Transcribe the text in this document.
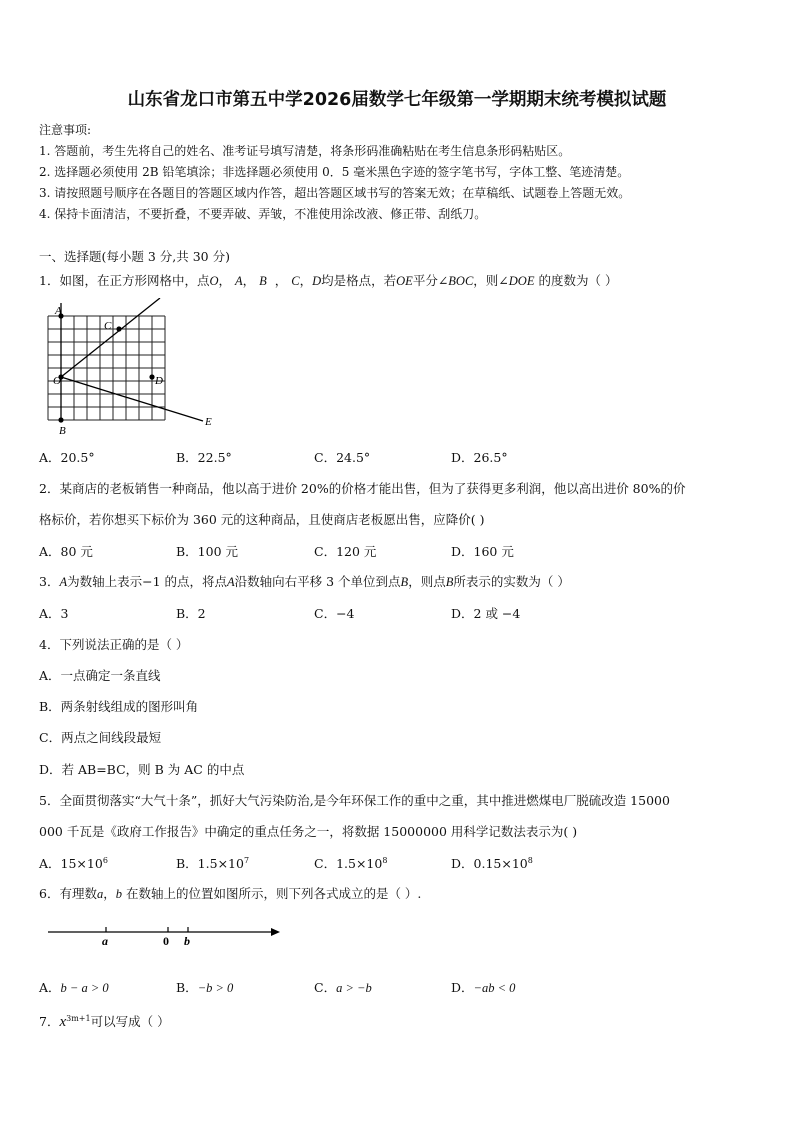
山东省龙口市第五中学2026届数学七年级第一学期期末统考模拟试题
注意事项:
1. 答题前，考生先将自己的姓名、准考证号填写清楚，将条形码准确粘贴在考生信息条形码粘贴区。
2. 选择题必须使用 2B 铅笔填涂；非选择题必须使用 0．5 毫米黑色字迹的签字笔书写，字体工整、笔迹清楚。
3. 请按照题号顺序在各题目的答题区域内作答，超出答题区域书写的答案无效；在草稿纸、试题卷上答题无效。
4. 保持卡面清洁，不要折叠，不要弄破、弄皱，不准使用涂改液、修正带、刮纸刀。
一、选择题(每小题 3 分,共 30 分)
1．如图，在正方形网格中，点O， A， B ， C，D均是格点，若OE平分∠BOC，则∠DOE 的度数为（ ）
A
B
C
O	D
E
A．20.5°	B．22.5°	C．24.5°	D．26.5°
2．某商店的老板销售一种商品，他以高于进价 20%的价格才能出售，但为了获得更多利润，他以高出进价 80%的价
格标价，若你想买下标价为 360 元的这种商品，且使商店老板愿出售，应降价( )
A．80 元	B．100 元	C．120 元	D．160 元
3．A为数轴上表示−1 的点，将点A沿数轴向右平移 3 个单位到点B，则点B所表示的实数为（ ）
A．3	B．2	C．−4	D．2 或 −4
4．下列说法正确的是（ ）
A．一点确定一条直线
B．两条射线组成的图形叫角
C．两点之间线段最短
D．若 AB=BC，则 B 为 AC 的中点
5．全面贯彻落实“大气十条”，抓好大气污染防治,是今年环保工作的重中之重，其中推进燃煤电厂脱硫改造 15000
000 千瓦是《政府工作报告》中确定的重点任务之一，将数据 15000000 用科学记数法表示为( )
A．$15\times 10^6$	B．$1.5\times 10^7$	C．$1.5\times 10^8$	D．$0.15\times 10^8$
6．有理数a，b 在数轴上的位置如图所示，则下列各式成立的是（ ）.
a	0 b
A．b − a > 0	B．−b > 0	C．a > −b	D．−ab < 0
7．$x^{3m+1}$可以写成（ ）
